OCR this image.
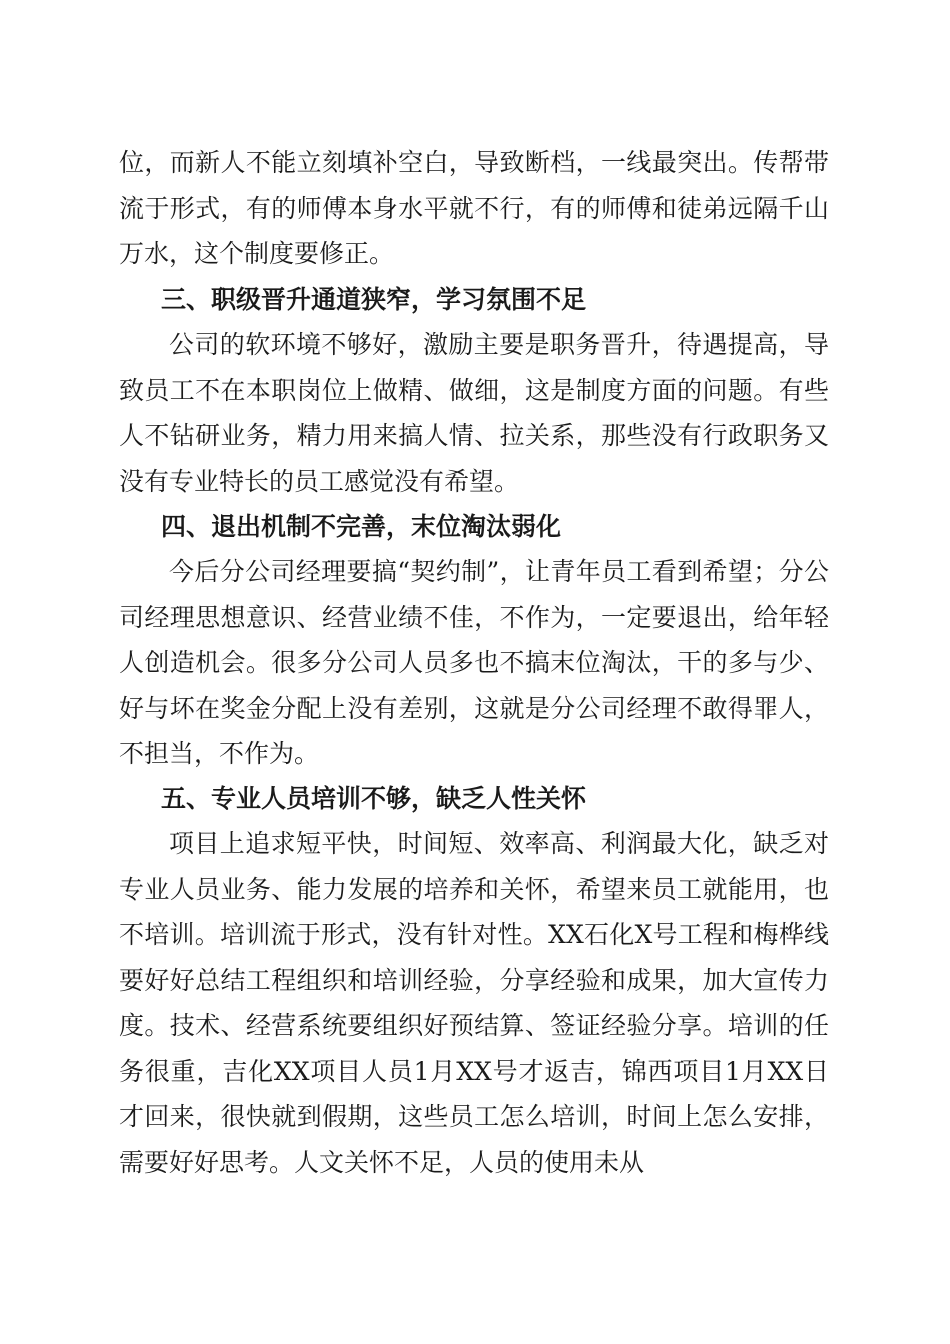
位，而新人不能立刻填补空白，导致断档，一线最突出。传帮带流于形式，有的师傅本身水平就不行，有的师傅和徒弟远隔千山万水，这个制度要修正。

三、职级晋升通道狭窄，学习氛围不足

公司的软环境不够好，激励主要是职务晋升，待遇提高，导致员工不在本职岗位上做精、做细，这是制度方面的问题。有些人不钻研业务，精力用来搞人情、拉关系，那些没有行政职务又没有专业特长的员工感觉没有希望。

四、退出机制不完善，末位淘汰弱化

今后分公司经理要搞“契约制”，让青年员工看到希望；分公司经理思想意识、经营业绩不佳，不作为，一定要退出，给年轻人创造机会。很多分公司人员多也不搞末位淘汰，干的多与少、好与坏在奖金分配上没有差别，这就是分公司经理不敢得罪人，不担当，不作为。

五、专业人员培训不够，缺乏人性关怀

项目上追求短平快，时间短、效率高、利润最大化，缺乏对专业人员业务、能力发展的培养和关怀，希望来员工就能用，也不培训。培训流于形式，没有针对性。XX石化X号工程和梅桦线要好好总结工程组织和培训经验，分享经验和成果，加大宣传力度。技术、经营系统要组织好预结算、签证经验分享。培训的任务很重，吉化XX项目人员1月XX号才返吉，锦西项目1月XX日才回来，很快就到假期，这些员工怎么培训，时间上怎么安排，需要好好思考。人文关怀不足，人员的使用未从
